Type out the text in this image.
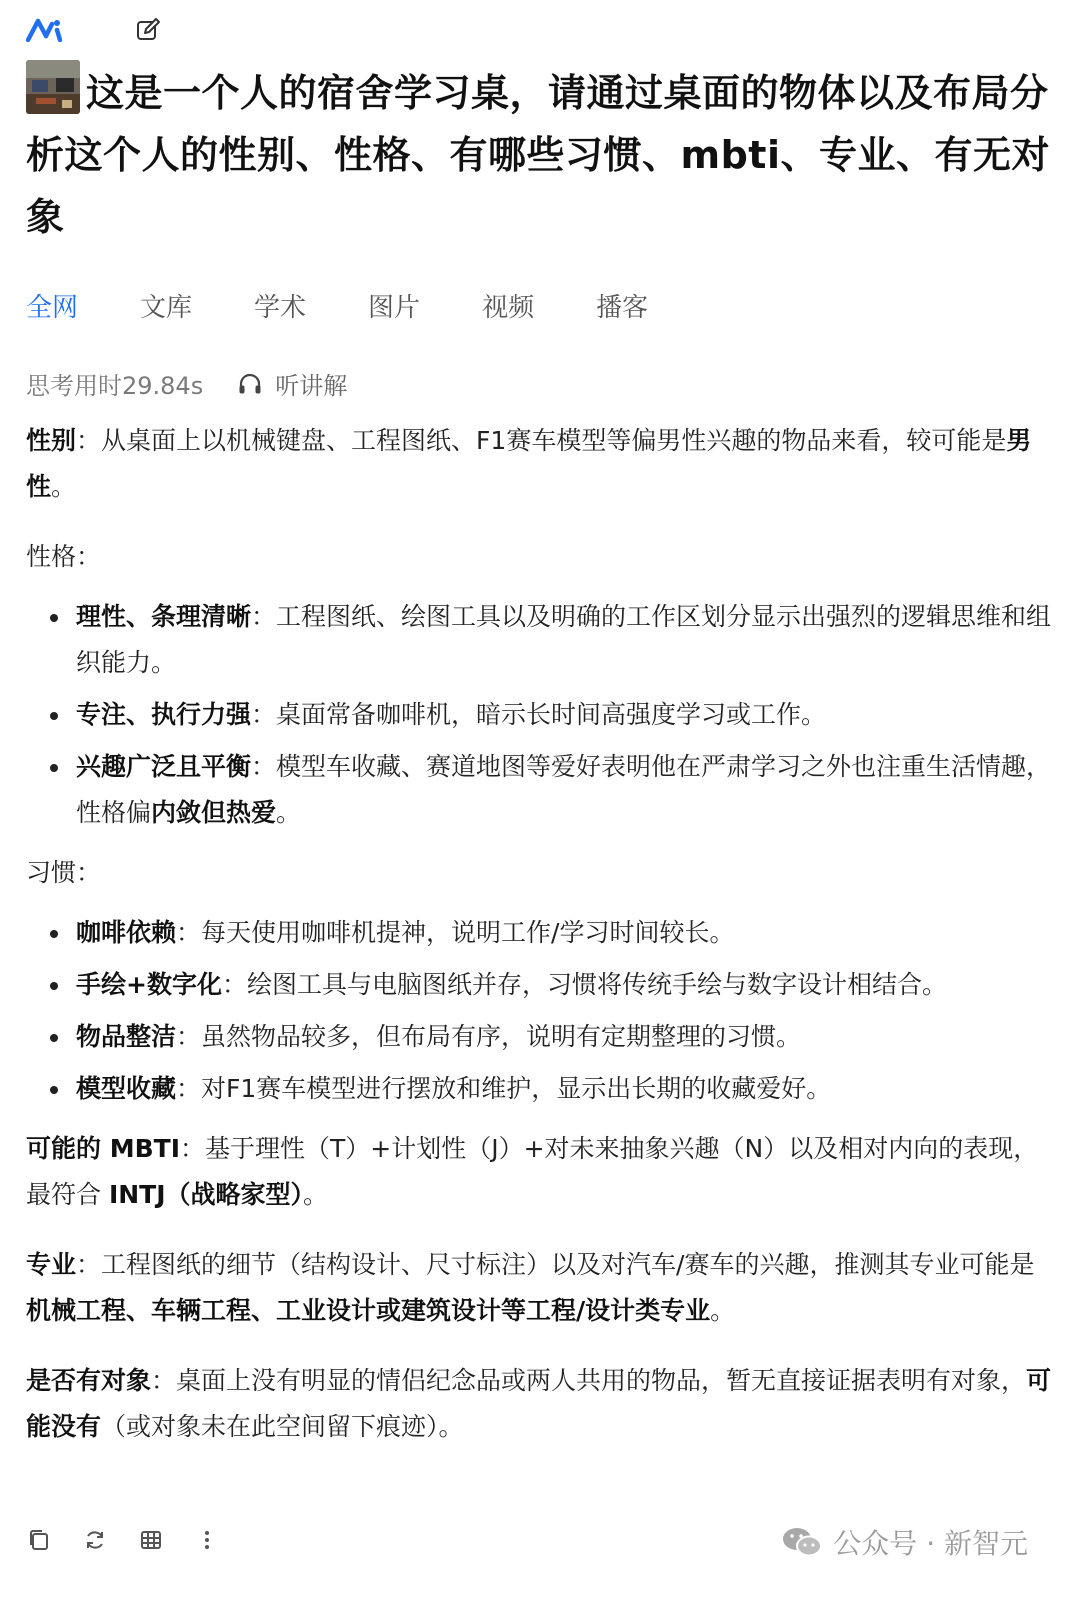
这是一个人的宿舍学习桌，请通过桌面的物体以及布局分析这个人的性别、性格、有哪些习惯、mbti、专业、有无对象
全网 文库 学术 图片 视频 播客
思考用时29.84s	听讲解

性别：从桌面上以机械键盘、工程图纸、F1赛车模型等偏男性兴趣的物品来看，较可能是男性。

性格：

理性、条理清晰：工程图纸、绘图工具以及明确的工作区划分显示出强烈的逻辑思维和组织能力。
专注、执行力强：桌面常备咖啡机，暗示长时间高强度学习或工作。
兴趣广泛且平衡：模型车收藏、赛道地图等爱好表明他在严肃学习之外也注重生活情趣，性格偏内敛但热爱。

习惯：

咖啡依赖：每天使用咖啡机提神，说明工作/学习时间较长。
手绘+数字化：绘图工具与电脑图纸并存，习惯将传统手绘与数字设计相结合。
物品整洁：虽然物品较多，但布局有序，说明有定期整理的习惯。
模型收藏：对F1赛车模型进行摆放和维护，显示出长期的收藏爱好。

可能的 MBTI：基于理性（T）+计划性（J）+对未来抽象兴趣（N）以及相对内向的表现，最符合 INTJ（战略家型）。

专业：工程图纸的细节（结构设计、尺寸标注）以及对汽车/赛车的兴趣，推测其专业可能是 机械工程、车辆工程、工业设计或建筑设计等工程/设计类专业。

是否有对象：桌面上没有明显的情侣纪念品或两人共用的物品，暂无直接证据表明有对象，可能没有（或对象未在此空间留下痕迹）。

公众号 · 新智元
